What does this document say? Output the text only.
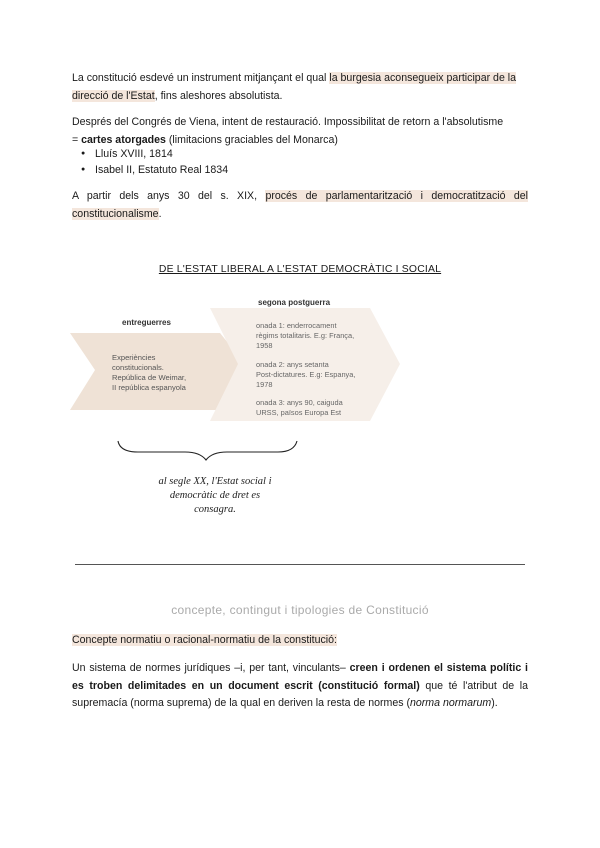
La constitució esdevé un instrument mitjançant el qual la burgesia aconsegueix participar de la direcció de l'Estat, fins aleshores absolutista.

Després del Congrés de Viena, intent de restauració. Impossibilitat de retorn a l'absolutisme
= cartes atorgades (limitacions graciables del Monarca)

● Lluís XVIII, 1814
● Isabel II, Estatuto Real 1834

A partir dels anys 30 del s. XIX, procés de parlamentarització i democratització del constitucionalisme.

DE L'ESTAT LIBERAL A L'ESTAT DEMOCRÀTIC I SOCIAL
entreguerres
Experiències constitucionals. República de Weimar, II república espanyola
segona postguerra
onada 1: enderrocament règims totalitaris. E.g: França, 1958
onada 2: anys setanta Post-dictatures. E.g: Espanya, 1978
onada 3: anys 90, caiguda URSS, països Europa Est
al segle XX, l'Estat social i
democràtic de dret es
consagra.
concepte, contingut i tipologies de Constitució

Concepte normatiu o racional-normatiu de la constitució:

Un sistema de normes jurídiques –i, per tant, vinculants– creen i ordenen el sistema polític i es troben delimitades en un document escrit (constitució formal) que té l'atribut de la supremacía (norma suprema) de la qual en deriven la resta de normes (norma normarum).
